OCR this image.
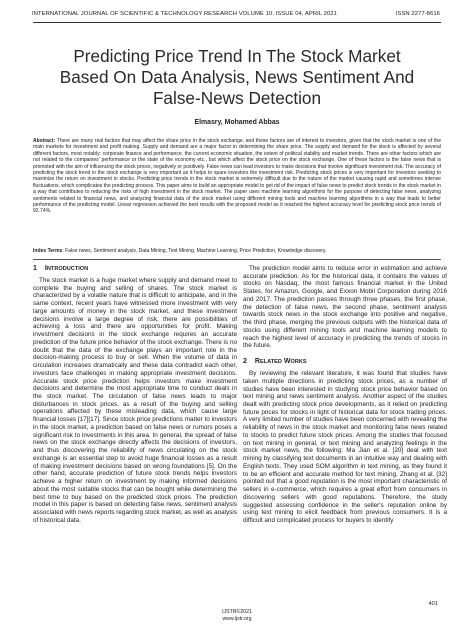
INTERNATIONAL JOURNAL OF SCIENTIFIC & TECHNOLOGY RESEARCH VOLUME 10, ISSUE 04, APRIL 2021	ISSN 2277-8616
Predicting Price Trend In The Stock Market
Based On Data Analysis, News Sentiment And
False-News Detection
Elmasry, Mohamed Abbas
Abstract: There are many real factors that may affect the share price in the stock exchange, and these factors are of interest to investors, given that the stock market is one of the main markets for investment and profit making. Supply and demand are a major factor in determining the share price. The supply and demand for the stock is affected by several different factors, most notably: corporate finance and performance, the current economic situation, the extent of political stability and market trends. There are other factors which are not related to the companies' performance or the state of the economy etc., but which affect the stock price on the stock exchange. One of these factors is the false news that is promoted with the aim of influencing the stock prices, negatively or positively. False news can lead investors to make decisions that involve significant investment risk. The accuracy of predicting the stock trend in the stock exchange is very important as it helps to spare investors the investment risk. Predicting stock prices is very important for investors seeking to maximize the return on investment in stocks. Predicting price trends in the stock market is extremely difficult due to the nature of the market causing rapid and sometimes intense fluctuations, which complicates the predicting process. This paper aims to build an appropriate model to get rid of the impact of false news to predict stock trends in the stock market in a way that contributes to reducing the risks of high investment in the stock market. The paper uses machine learning algorithms for the purpose of detecting false news, analyzing sentiments related to financial news, and analyzing financial data of the stock market using different mining tools and machine learning algorithms in a way that leads to better performance of the predicting model. Linear regression achieved the best results with the proposed model as it reached the highest accuracy level for predicting stock price trends of 92.74%.
Index Terms: False news, Sentiment analysis, Data Mining, Text Mining, Machine Learning, Price Prediction, Knowledge discovery.
1 INTRODUCTION

The stock market is a huge market where supply and demand meet to complete the buying and selling of shares. The stock market is characterized by a volatile nature that is difficult to anticipate, and in the same context, recent years have witnessed more investment with very large amounts of money in the stock market, and these investment decisions involve a large degree of risk, there are possibilities of achieving a loss and there are opportunities for profit. Making investment decisions in the stock exchange requires an accurate prediction of the future price behavior of the stock exchange. There is no doubt that the data of the exchange plays an important role in the decision-making process to buy or sell. When the volume of data in circulation increases dramatically and these data contradict each other, investors face challenges in making appropriate investment decisions. Accurate stock price prediction helps investors make investment decisions and determine the most appropriate time to conduct deals in the stock market. The circulation of false news leads to major disturbances in stock prices, as a result of the buying and selling operations affected by these misleading data, which cause large financial losses [17][17]. Since stock price predictions matter to investors in the stock market, a prediction based on false news or rumors poses a significant risk to investments in this area. In general, the spread of false news on the stock exchange directly affects the decisions of investors, and thus discovering the reliability of news circulating on the stock exchange is an essential step to avoid huge financial losses as a result of making investment decisions based on wrong foundations [5]. On the other hand, accurate prediction of future stock trends helps investors achieve a higher return on investment by making informed decisions about the most suitable stocks that can be bought while determining the best time to buy based on the predicted stock prices. The prediction model in this paper is based on detecting false news, sentiment analysis associated with news reports regarding stock market, as well as analysis of historical data.

The prediction model aims to reduce error in estimation and achieve accurate prediction. As for the historical data, it contains the values of stocks on Nasdaq, the most famous financial market in the United States, for Amazon, Google, and Exxon Mobil Corporation during 2016 and 2017. The prediction passes through three phases, the first phase, the detection of false news, the second phase, sentiment analysis towards stock news in the stock exchange into positive and negative, the third phase, merging the previous outputs with the historical data of stocks using different mining tools and machine learning models to reach the highest level of accuracy in predicting the trends of stocks in the future.

2 RELATED WORKS

By reviewing the relevant literature, it was found that studies have taken multiple directions in predicting stock prices, as a number of studies have been interested in studying stock price behavior based on text mining and news sentiment analysis. Another aspect of the studies dealt with predicting stock price developments, as it relied on predicting future prices for stocks in light of historical data for stock trading prices. A very limited number of studies have been concerned with revealing the reliability of news in the stock market and monitoring false news related to stocks to predict future stock prices. Among the studies that focused on text mining in general, or text mining and analyzing feelings in the stock market news, the following: Ma Jian et al. [20] deal with text mining by classifying text documents in an intuitive way and dealing with English texts. They used SOM algorithm in text mining, as they found it to be an efficient and accurate method for text mining. Zhang et al. [32] pointed out that a good reputation is the most important characteristic of sellers in e-commerce, which requires a great effort from consumers in discovering sellers with good reputations. Therefore, the study suggested assessing confidence in the seller's reputation online by using text mining to elicit feedback from previous consumers. It is a difficult and complicated process for buyers to identify

401
IJSTR©2021
www.ijstr.org
